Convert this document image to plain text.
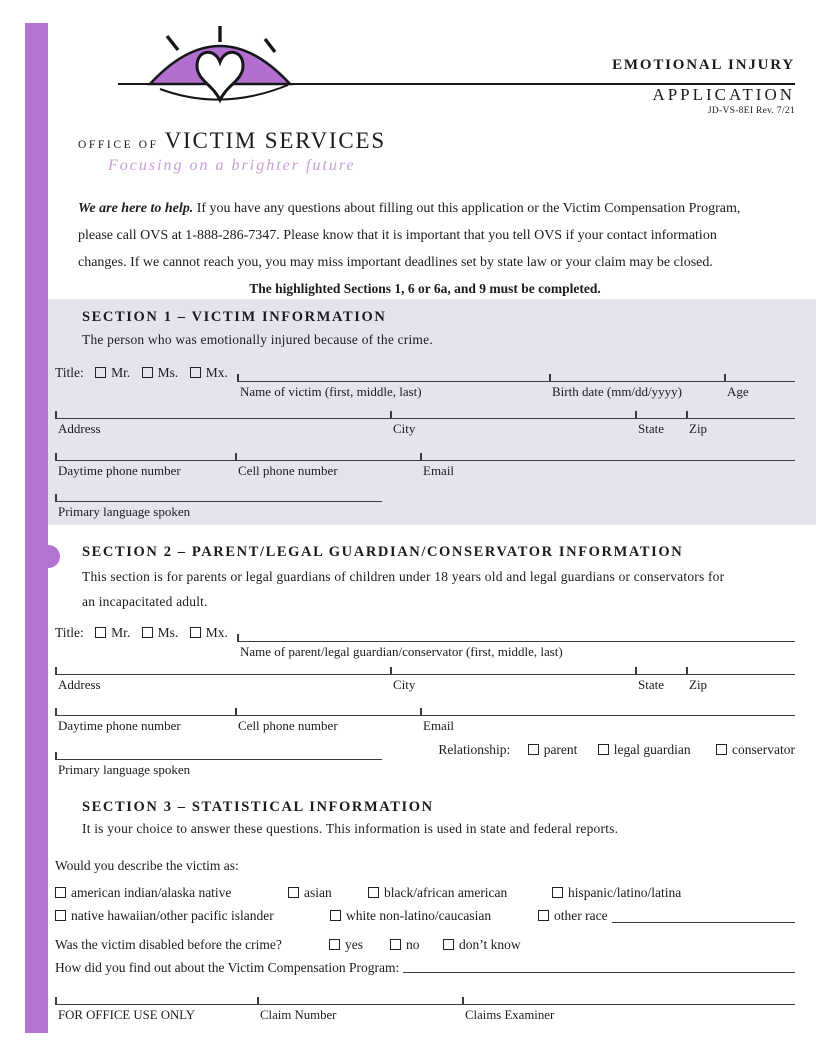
EMOTIONAL INJURY
APPLICATION
JD-VS-8EI Rev. 7/21
OFFICE OF VICTIM SERVICES
Focusing on a brighter future
We are here to help. If you have any questions about filling out this application or the Victim Compensation Program,
please call OVS at 1-888-286-7347. Please know that it is important that you tell OVS if your contact information
changes. If we cannot reach you, you may miss important deadlines set by state law or your claim may be closed.
The highlighted Sections 1, 6 or 6a, and 9 must be completed.
SECTION 1 – VICTIM INFORMATION
The person who was emotionally injured because of the crime.
Title: Mr. Ms. Mx.
Name of victim (first, middle, last)	Birth date (mm/dd/yyyy)	Age
Address	City	State	Zip
Daytime phone number	Cell phone number	Email
Primary language spoken
SECTION 2 – PARENT/LEGAL GUARDIAN/CONSERVATOR INFORMATION
This section is for parents or legal guardians of children under 18 years old and legal guardians or conservators for
an incapacitated adult.
Title: Mr. Ms. Mx.
Name of parent/legal guardian/conservator (first, middle, last)
Address	City	State	Zip
Daytime phone number	Cell phone number	Email
Primary language spoken
Relationship: parent	legal guardian	conservator
SECTION 3 – STATISTICAL INFORMATION
It is your choice to answer these questions. This information is used in state and federal reports.
Would you describe the victim as:
american indian/alaska native	asian	black/african american	hispanic/latino/latina
native hawaiian/other pacific islander	white non-latino/caucasian	other race
Was the victim disabled before the crime?	yes	no	don’t know
How did you find out about the Victim Compensation Program:
FOR OFFICE USE ONLY	Claim Number	Claims Examiner
